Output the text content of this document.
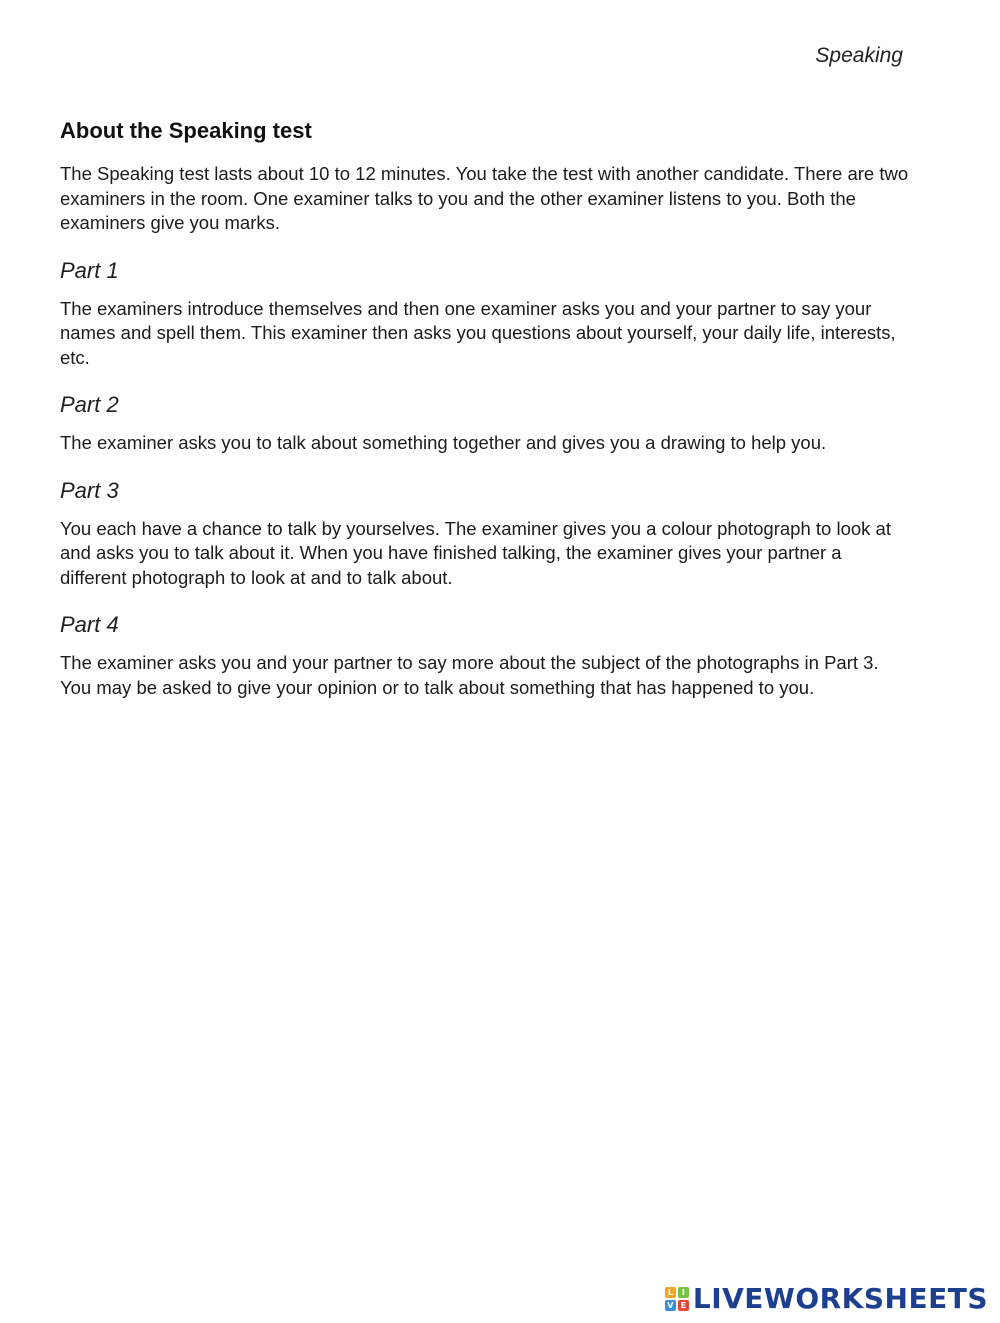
Speaking
About the Speaking test

The Speaking test lasts about 10 to 12 minutes. You take the test with another candidate. There are two examiners in the room. One examiner talks to you and the other examiner listens to you. Both the examiners give you marks.

Part 1

The examiners introduce themselves and then one examiner asks you and your partner to say your names and spell them. This examiner then asks you questions about yourself, your daily life, interests, etc.

Part 2

The examiner asks you to talk about something together and gives you a drawing to help you.

Part 3

You each have a chance to talk by yourselves. The examiner gives you a colour photograph to look at and asks you to talk about it. When you have finished talking, the examiner gives your partner a different photograph to look at and to talk about.

Part 4

The examiner asks you and your partner to say more about the subject of the photographs in Part 3. You may be asked to give your opinion or to talk about something that has happened to you.

L	I
V E LIVEWORKSHEETS
